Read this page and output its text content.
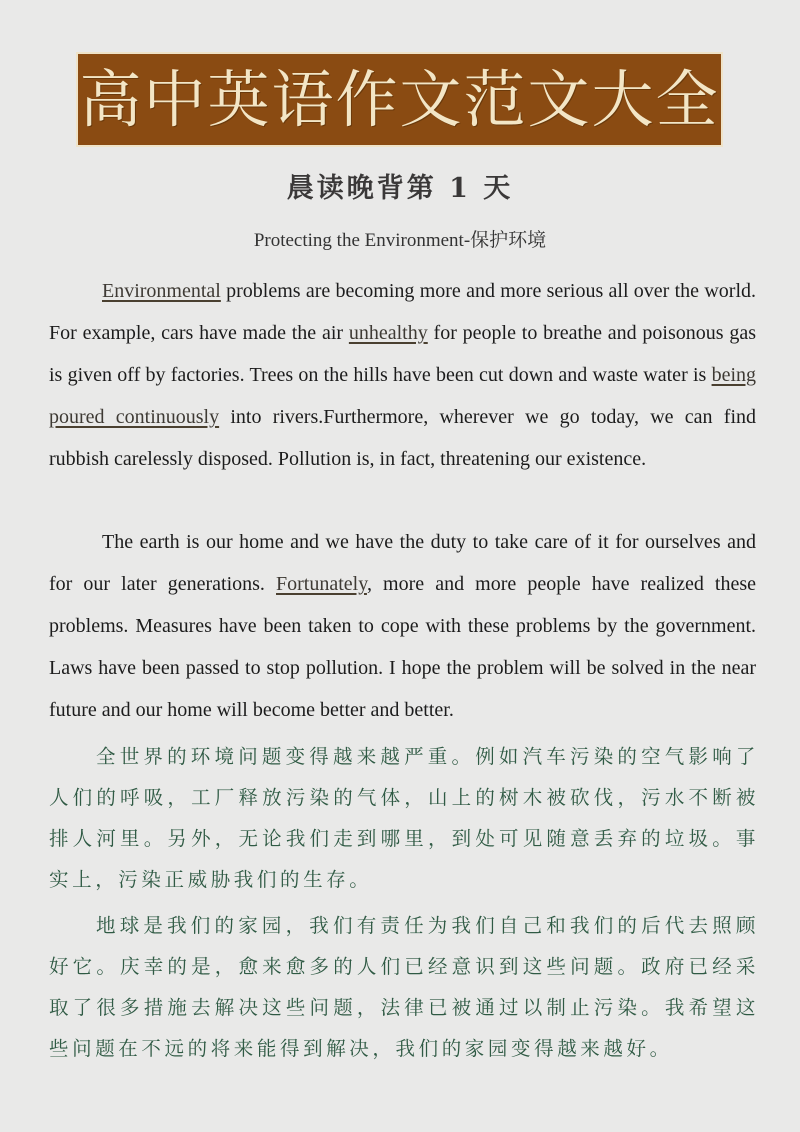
高中英语作文范文大全
晨读晚背第 1 天
Protecting the Environment-保护环境

Environmental problems are becoming more and more serious all over the world. For example, cars have made the air unhealthy for people to breathe and poisonous gas is given off by factories. Trees on the hills have been cut down and waste water is being poured continuously into rivers.Furthermore, wherever we go today, we can find rubbish carelessly disposed. Pollution is, in fact, threatening our existence.

The earth is our home and we have the duty to take care of it for ourselves and for our later generations. Fortunately, more and more people have realized these problems. Measures have been taken to cope with these problems by the government. Laws have been passed to stop pollution. I hope the problem will be solved in the near future and our home will become better and better.

全世界的环境问题变得越来越严重。例如汽车污染的空气影响了人们的呼吸，工厂释放污染的气体，山上的树木被砍伐，污水不断被排人河里。另外，无论我们走到哪里，到处可见随意丢弃的垃圾。事实上，污染正威胁我们的生存。

地球是我们的家园，我们有责任为我们自己和我们的后代去照顾好它。庆幸的是，愈来愈多的人们已经意识到这些问题。政府已经采取了很多措施去解决这些问题，法律已被通过以制止污染。我希望这些问题在不远的将来能得到解决，我们的家园变得越来越好。
